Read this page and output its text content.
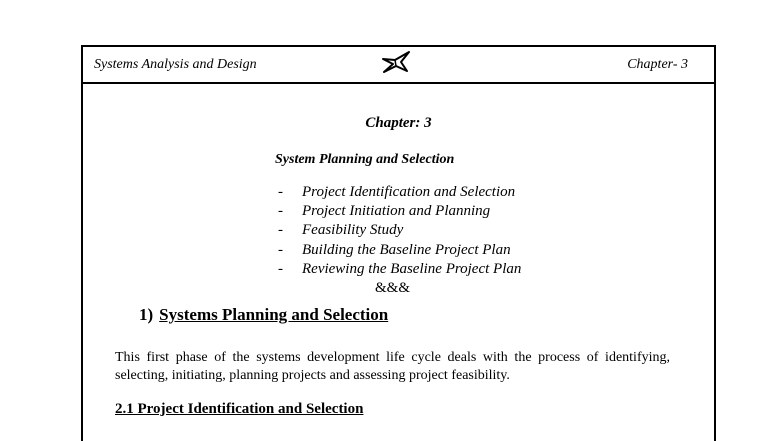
Systems Analysis and Design	Chapter- 3
Chapter: 3
System Planning and Selection
- Project Identification and Selection
- Project Initiation and Planning
- Feasibility Study
- Building the Baseline Project Plan
- Reviewing the Baseline Project Plan
&&&
1) Systems Planning and Selection

This first phase of the systems development life cycle deals with the process of identifying, selecting, initiating, planning projects and assessing project feasibility.

2.1 Project Identification and Selection
